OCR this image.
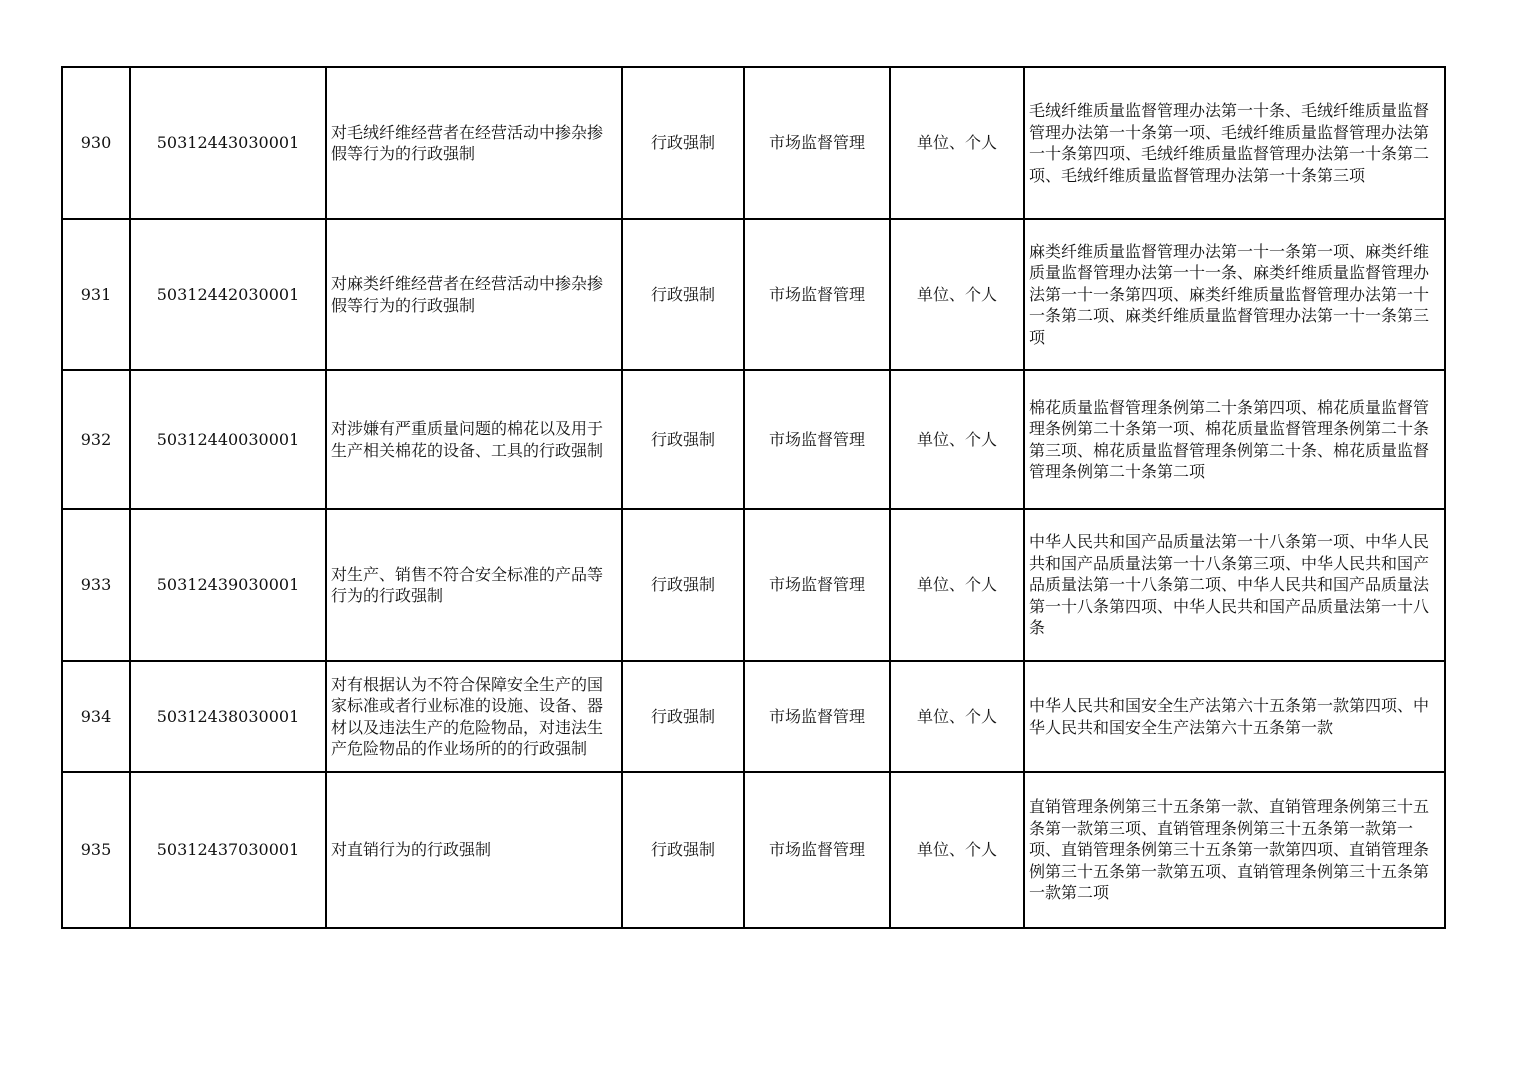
930	50312443030001	对毛绒纤维经营者在经营活动中掺杂掺假等行为的行政强制	行政强制	市场监督管理	单位、个人	毛绒纤维质量监督管理办法第一十条、毛绒纤维质量监督管理办法第一十条第一项、毛绒纤维质量监督管理办法第一十条第四项、毛绒纤维质量监督管理办法第一十条第二项、毛绒纤维质量监督管理办法第一十条第三项
931	50312442030001	对麻类纤维经营者在经营活动中掺杂掺假等行为的行政强制	行政强制	市场监督管理	单位、个人	麻类纤维质量监督管理办法第一十一条第一项、麻类纤维质量监督管理办法第一十一条、麻类纤维质量监督管理办法第一十一条第四项、麻类纤维质量监督管理办法第一十一条第二项、麻类纤维质量监督管理办法第一十一条第三项
932	50312440030001	对涉嫌有严重质量问题的棉花以及用于生产相关棉花的设备、工具的行政强制	行政强制	市场监督管理	单位、个人	棉花质量监督管理条例第二十条第四项、棉花质量监督管理条例第二十条第一项、棉花质量监督管理条例第二十条第三项、棉花质量监督管理条例第二十条、棉花质量监督管理条例第二十条第二项
933	50312439030001	对生产、销售不符合安全标准的产品等行为的行政强制	行政强制	市场监督管理	单位、个人	中华人民共和国产品质量法第一十八条第一项、中华人民共和国产品质量法第一十八条第三项、中华人民共和国产品质量法第一十八条第二项、中华人民共和国产品质量法第一十八条第四项、中华人民共和国产品质量法第一十八条
934	50312438030001	对有根据认为不符合保障安全生产的国家标准或者行业标准的设施、设备、器材以及违法生产的危险物品，对违法生产危险物品的作业场所的的行政强制	行政强制	市场监督管理	单位、个人	中华人民共和国安全生产法第六十五条第一款第四项、中华人民共和国安全生产法第六十五条第一款
935	50312437030001	对直销行为的行政强制	行政强制	市场监督管理	单位、个人	直销管理条例第三十五条第一款、直销管理条例第三十五条第一款第三项、直销管理条例第三十五条第一款第一项、直销管理条例第三十五条第一款第四项、直销管理条例第三十五条第一款第五项、直销管理条例第三十五条第一款第二项
